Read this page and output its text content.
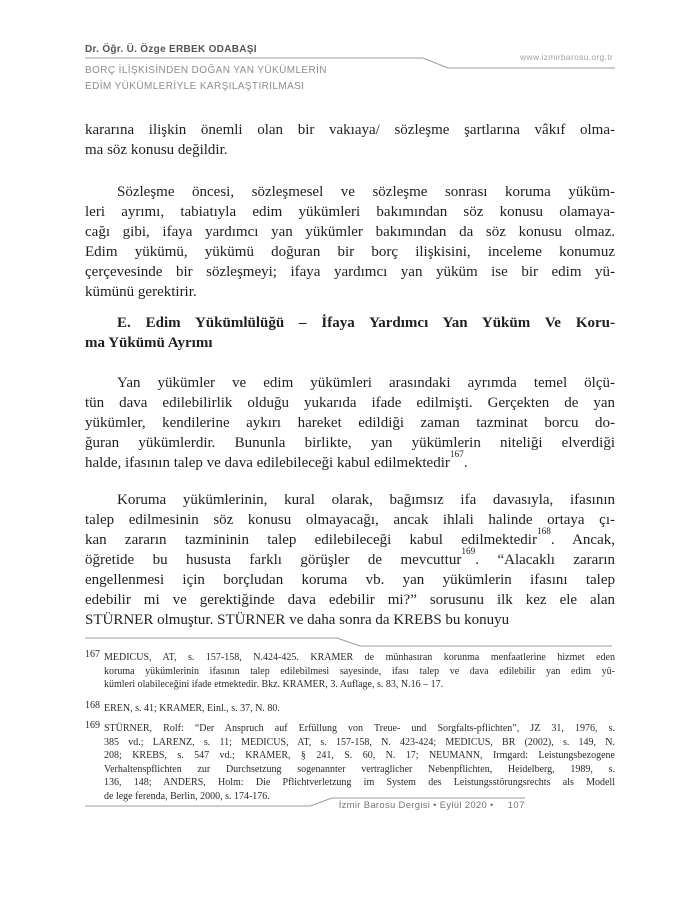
Dr. Öğr. Ü. Özge ERBEK ODABAŞI
BORÇ İLİŞKİSİNDEN DOĞAN YAN YÜKÜMLERİN
EDİM YÜKÜMLERİYLE KARŞILAŞTIRILMASI
www.izmirbarosu.org.tr
kararına ilişkin önemli olan bir vakıaya/ sözleşme şartlarına vâkıf olma-
ma söz konusu değildir.
Sözleşme öncesi, sözleşmesel ve sözleşme sonrası koruma yüküm-
leri ayrımı, tabiatıyla edim yükümleri bakımından söz konusu olamaya-
cağı gibi, ifaya yardımcı yan yükümler bakımından da söz konusu olmaz.
Edim yükümü, yükümü doğuran bir borç ilişkisini, inceleme konumuz
çerçevesinde bir sözleşmeyi; ifaya yardımcı yan yüküm ise bir edim yü-
kümünü gerektirir.
E. Edim Yükümlülüğü – İfaya Yardımcı Yan Yüküm Ve Koru-
ma Yükümü Ayrımı
Yan yükümler ve edim yükümleri arasındaki ayrımda temel ölçü-
tün dava edilebilirlik olduğu yukarıda ifade edilmişti. Gerçekten de yan
yükümler, kendilerine aykırı hareket edildiği zaman tazminat borcu do-
ğuran yükümlerdir. Bununla birlikte, yan yükümlerin niteliği elverdiği
halde, ifasının talep ve dava edilebileceği kabul edilmektedir$^{167}$.
Koruma yükümlerinin, kural olarak, bağımsız ifa davasıyla, ifasının
talep edilmesinin söz konusu olmayacağı, ancak ihlali halinde ortaya çı-
kan zararın tazmininin talep edilebileceği kabul edilmektedir$^{168}$. Ancak,
öğretide bu hususta farklı görüşler de mevcuttur$^{169}$. “Alacaklı zararın
engellenmesi için borçludan koruma vb. yan yükümlerin ifasını talep
edebilir mi ve gerektiğinde dava edebilir mi?” sorusunu ilk kez ele alan
STÜRNER olmuştur. STÜRNER ve daha sonra da KREBS bu konuyu
167 MEDICUS, AT, s. 157-158, N.424-425. KRAMER de münhasıran korunma menfaatlerine hizmet eden
koruma yükümlerinin ifasının talep edilebilmesi sayesinde, ifası talep ve dava edilebilir yan edim yü-
kümleri olabileceğini ifade etmektedir. Bkz. KRAMER, 3. Auflage, s. 83, N.16 – 17.
168 EREN, s. 41; KRAMER, Einl., s. 37, N. 80.
169 STÜRNER, Rolf: “Der Anspruch auf Erfüllung von Treue- und Sorgfalts-pflichten”, JZ 31, 1976, s.
385 vd.; LARENZ, s. 11; MEDICUS, AT, s. 157-158, N. 423-424; MEDICUS, BR (2002), s. 149, N.
208; KREBS, s. 547 vd.; KRAMER, § 241, S. 60, N. 17; NEUMANN, Irmgard: Leistungsbezogene
Verhaltenspflichten zur Durchsetzung sogenannter vertraglicher Nebenpflichten, Heidelberg, 1989, s.
136, 148; ANDERS, Holm: Die Pflichtverletzung im System des Leistungsstörungsrechts als Modell
de lege ferenda, Berlin, 2000, s. 174-176.
İzmir Barosu Dergisi • Eylül 2020 • 107
